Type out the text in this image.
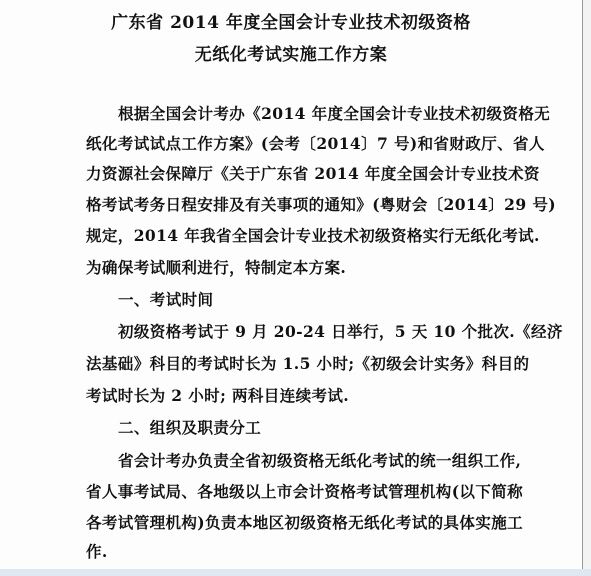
广东省 2014 年度全国会计专业技术初级资格
无纸化考试实施工作方案
根据全国会计考办《2014 年度全国会计专业技术初级资格无
纸化考试试点工作方案》(会考〔2014〕7 号)和省财政厅、省人
力资源社会保障厅《关于广东省 2014 年度全国会计专业技术资
格考试考务日程安排及有关事项的通知》(粤财会〔2014〕29 号)
规定，2014 年我省全国会计专业技术初级资格实行无纸化考试.
为确保考试顺利进行，特制定本方案.
一、考试时间
初级资格考试于 9 月 20-24 日举行，5 天 10 个批次.《经济
法基础》科目的考试时长为 1.5 小时;《初级会计实务》科目的
考试时长为 2 小时; 两科目连续考试.
二、组织及职责分工
省会计考办负责全省初级资格无纸化考试的统一组织工作,
省人事考试局、各地级以上市会计资格考试管理机构(以下简称
各考试管理机构)负责本地区初级资格无纸化考试的具体实施工
作.
